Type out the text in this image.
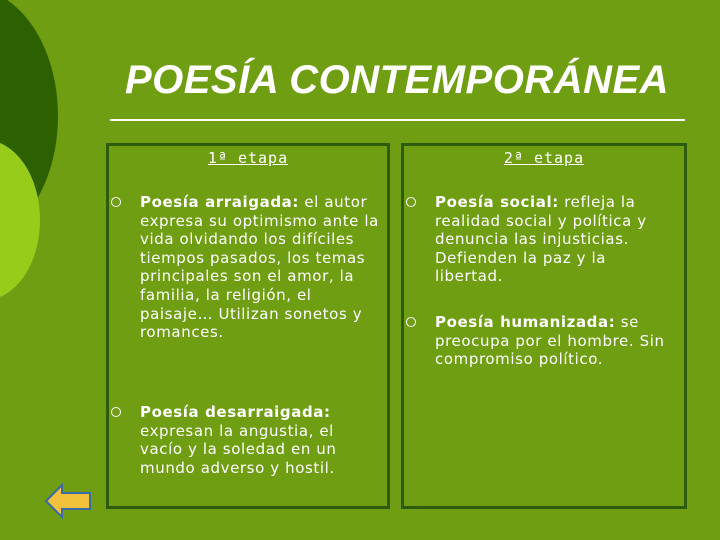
POESÍA CONTEMPORÁNEA
1ª etapa
Poesía arraigada: el autor expresa su optimismo ante la vida olvidando los difíciles tiempos pasados, los temas principales son el amor, la familia, la religión, el paisaje… Utilizan sonetos y romances.
Poesía desarraigada: expresan la angustia, el vacío y la soledad en un mundo adverso y hostil.
2ª etapa
Poesía social: refleja la realidad social y política y denuncia las injusticias. Defienden la paz y la libertad.
Poesía humanizada: se preocupa por el hombre. Sin compromiso político.
